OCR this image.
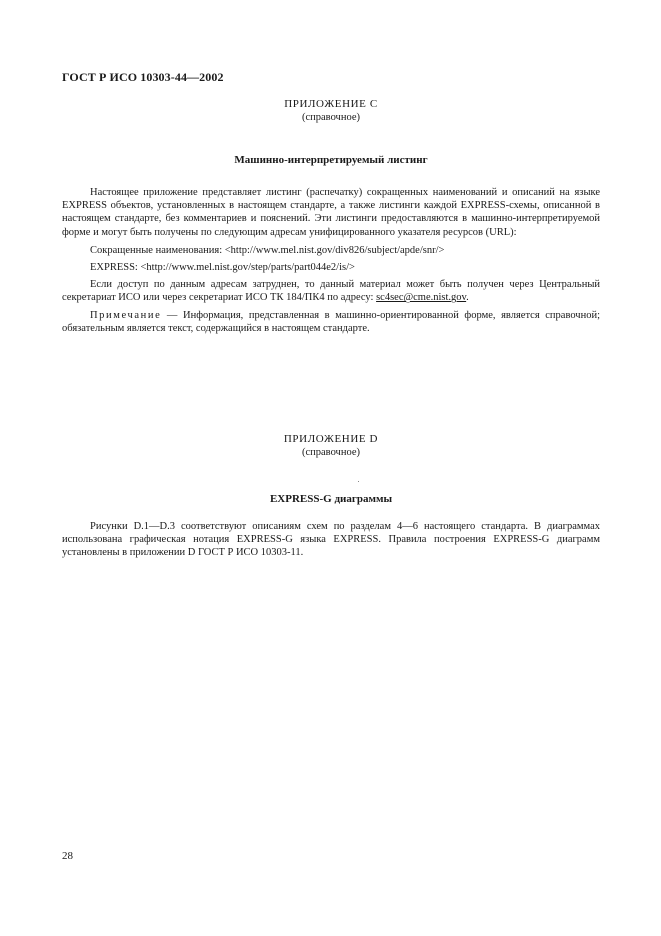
ГОСТ Р ИСО 10303-44—2002
ПРИЛОЖЕНИЕ C
(справочное)
Машинно-интерпретируемый листинг

Настоящее приложение представляет листинг (распечатку) сокращенных наименований и описаний на языке EXPRESS объектов, установленных в настоящем стандарте, а также листинги каждой EXPRESS-схемы, описанной в настоящем стандарте, без комментариев и пояснений. Эти листинги предоставляются в машинно-интерпретируемой форме и могут быть получены по следующим адресам унифицированного указателя ресурсов (URL):

Сокращенные наименования: <http://www.mel.nist.gov/div826/subject/apde/snr/>
EXPRESS: <http://www.mel.nist.gov/step/parts/part044e2/is/>

Если доступ по данным адресам затруднен, то данный материал может быть получен через Центральный секретариат ИСО или через секретариат ИСО ТК 184/ПК4 по адресу: sc4sec@cme.nist.gov.

Примечание — Информация, представленная в машинно-ориентированной форме, является справочной; обязательным является текст, содержащийся в настоящем стандарте.

ПРИЛОЖЕНИЕ D
(справочное)
EXPRESS-G диаграммы

Рисунки D.1—D.3 соответствуют описаниям схем по разделам 4—6 настоящего стандарта. В диаграммах использована графическая нотация EXPRESS-G языка EXPRESS. Правила построения EXPRESS-G диаграмм установлены в приложении D ГОСТ Р ИСО 10303-11.

28
